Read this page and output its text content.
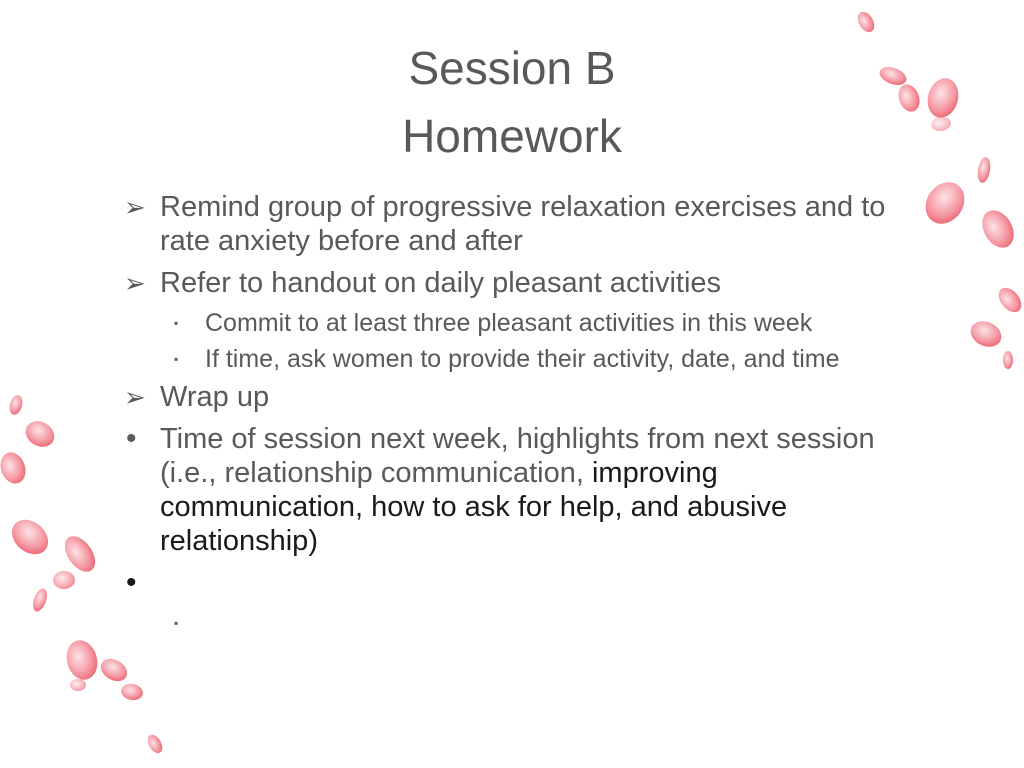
Session B
Homework
➢ Remind group of progressive relaxation exercises and to rate anxiety before and after
➢ Refer to handout on daily pleasant activities
▪ Commit to at least three pleasant activities in this week
▪ If time, ask women to provide their activity, date, and time
➢ Wrap up
• Time of session next week, highlights from next session (i.e., relationship communication, improving communication, how to ask for help, and abusive relationship)
•
▪
